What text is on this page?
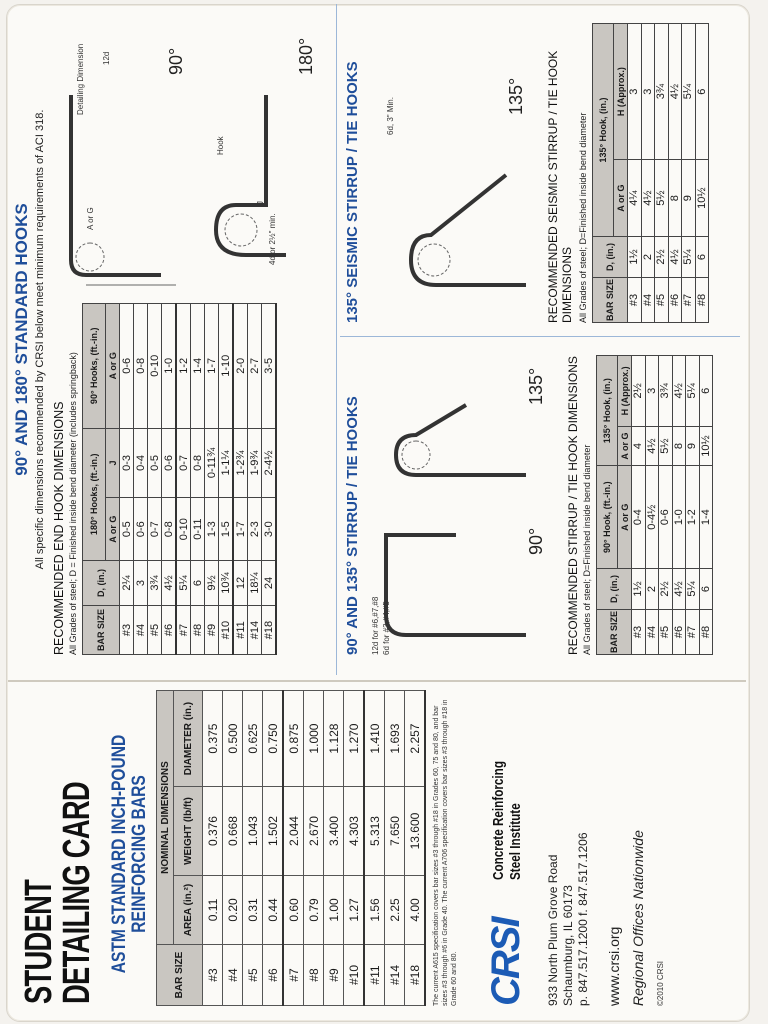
STUDENT
DETAILING CARD ASTM STANDARD INCH-POUND REINFORCING BARS
BAR SIZE	NOMINAL DIMENSIONS		
	AREA (in.²)	WEIGHT (lb/ft)	DIAMETER (in.)
#3	0.11	0.376	0.375
#4	0.20	0.668	0.500
#5	0.31	1.043	0.625
#6	0.44	1.502	0.750
#7	0.60	2.044	0.875
#8	0.79	2.670	1.000
#9	1.00	3.400	1.128
#10	1.27	4.303	1.270
#11	1.56	5.313	1.410
#14	2.25	7.650	1.693
#18	4.00	13.600	2.257 The current A615 specification covers bar sizes #3 through #18 in Grades 60, 75 and 80, and bar sizes #3 through #6 in Grade 40. The current A706 specification covers bar sizes #3 through #18 in Grade 60 and 80. CRSI
Concrete Reinforcing Steel Institute
933 North Plum Grove Road Schaumburg, IL 60173 p. 847.517.1200 f. 847.517.1206 www.crsi.org Regional Offices Nationwide ©2010 CRSI
90° AND 180° STANDARD HOOKS All specific dimensions recommended by CRSI below meet minimum requirements of ACI 318. RECOMMENDED END HOOK DIMENSIONS All Grades of steel; D = Finished inside bend diameter (includes springback) BAR SIZE	D, (in.)	180° Hooks, (ft.-in.)		90° Hooks, (ft.-in.)
		A or G	J	A or G
#3	2¼	0-5	0-3	0-6
#4	3	0-6	0-4	0-8
#5	3¾	0-7	0-5	0-10
#6	4½	0-8	0-6	1-0
#7	5¼	0-10	0-7	1-2
#8	6	0-11	0-8	1-4
#9	9½	1-3	0-11¾	1-7
#10	10¾	1-5	1-1¼	1-10
#11	12	1-7	1-2¾	2-0
#14	18¼	2-3	1-9¾	2-7
#18	24	3-0	2-4½	3-5
90°
Detailing Dimension
A or G
12d	180°
Hook
4d or 2½" min.
J
90° AND 135° STIRRUP / TIE HOOKS 12d for #6,#7,#8 6d for #3,#4,#5
90°
135° RECOMMENDED STIRRUP / TIE HOOK DIMENSIONS All Grades of steel; D=Finished inside bend diameter BAR SIZE	D, (in.)	90° Hook, (ft.-in.)	135° Hook, (in.)	
		A or G	A or G	H (Approx.)
#3	1½	0-4	4	2½
#4	2	0-4½	4½	3
#5	2½	0-6	5½	3¾
#6	4½	1-0	8	4½
#7	5¼	1-2	9	5¼
#8	6	1-4	10½	6
135° SEISMIC STIRRUP / TIE HOOKS	6d, 3" Min.
135° RECOMMENDED SEISMIC STIRRUP / TIE HOOK DIMENSIONS All Grades of steel; D=Finished inside bend diameter BAR SIZE	D, (in.)	135° Hook, (in.)	
		A or G	H (Approx.)
#3	1½	4¼	3
#4	2	4½	3
#5	2½	5½	3¾
#6	4½	8	4½
#7	5¼	9	5¼
#8	6	10½	6
